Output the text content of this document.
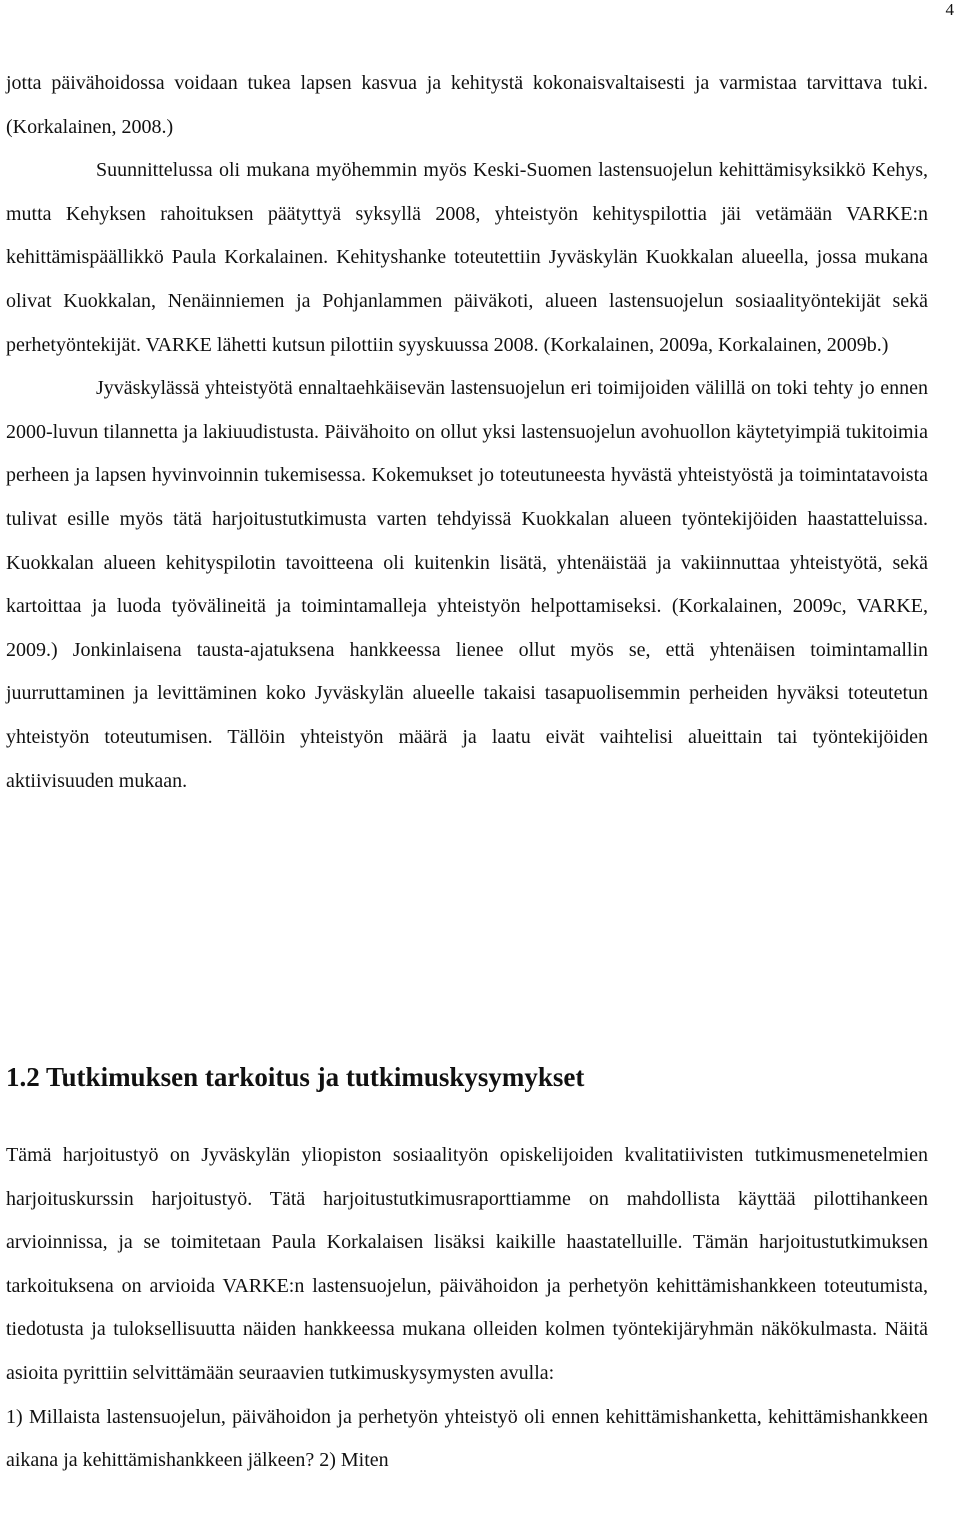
4

jotta päivähoidossa voidaan tukea lapsen kasvua ja kehitystä kokonaisvaltaisesti ja varmistaa tarvittava tuki. (Korkalainen, 2008.)

Suunnittelussa oli mukana myöhemmin myös Keski-Suomen lastensuojelun kehittämisyksikkö Kehys, mutta Kehyksen rahoituksen päätyttyä syksyllä 2008, yhteistyön kehityspilottia jäi vetämään VARKE:n kehittämispäällikkö Paula Korkalainen. Kehityshanke toteutettiin Jyväskylän Kuokkalan alueella, jossa mukana olivat Kuokkalan, Nenäinniemen ja Pohjanlammen päiväkoti, alueen lastensuojelun sosiaalityöntekijät sekä perhetyöntekijät. VARKE lähetti kutsun pilottiin syyskuussa 2008. (Korkalainen, 2009a, Korkalainen, 2009b.)

Jyväskylässä yhteistyötä ennaltaehkäisevän lastensuojelun eri toimijoiden välillä on toki tehty jo ennen 2000-luvun tilannetta ja lakiuudistusta. Päivähoito on ollut yksi lastensuojelun avohuollon käytetyimpiä tukitoimia perheen ja lapsen hyvinvoinnin tukemisessa. Kokemukset jo toteutuneesta hyvästä yhteistyöstä ja toimintatavoista tulivat esille myös tätä harjoitustutkimusta varten tehdyissä Kuokkalan alueen työntekijöiden haastatteluissa. Kuokkalan alueen kehityspilotin tavoitteena oli kuitenkin lisätä, yhtenäistää ja vakiinnuttaa yhteistyötä, sekä kartoittaa ja luoda työvälineitä ja toimintamalleja yhteistyön helpottamiseksi. (Korkalainen, 2009c, VARKE, 2009.) Jonkinlaisena tausta-ajatuksena hankkeessa lienee ollut myös se, että yhtenäisen toimintamallin juurruttaminen ja levittäminen koko Jyväskylän alueelle takaisi tasapuolisemmin perheiden hyväksi toteutetun yhteistyön toteutumisen. Tällöin yhteistyön määrä ja laatu eivät vaihtelisi alueittain tai työntekijöiden aktiivisuuden mukaan.

1.2 Tutkimuksen tarkoitus ja tutkimuskysymykset

Tämä harjoitustyö on Jyväskylän yliopiston sosiaalityön opiskelijoiden kvalitatiivisten tutkimusmenetelmien harjoituskurssin harjoitustyö. Tätä harjoitustutkimusraporttiamme on mahdollista käyttää pilottihankeen arvioinnissa, ja se toimitetaan Paula Korkalaisen lisäksi kaikille haastatelluille. Tämän harjoitustutkimuksen tarkoituksena on arvioida VARKE:n lastensuojelun, päivähoidon ja perhetyön kehittämishankkeen toteutumista, tiedotusta ja tuloksellisuutta näiden hankkeessa mukana olleiden kolmen työntekijäryhmän näkökulmasta. Näitä asioita pyrittiin selvittämään seuraavien tutkimuskysymysten avulla:

1) Millaista lastensuojelun, päivähoidon ja perhetyön yhteistyö oli ennen kehittämishanketta, kehittämishankkeen aikana ja kehittämishankkeen jälkeen? 2) Miten
